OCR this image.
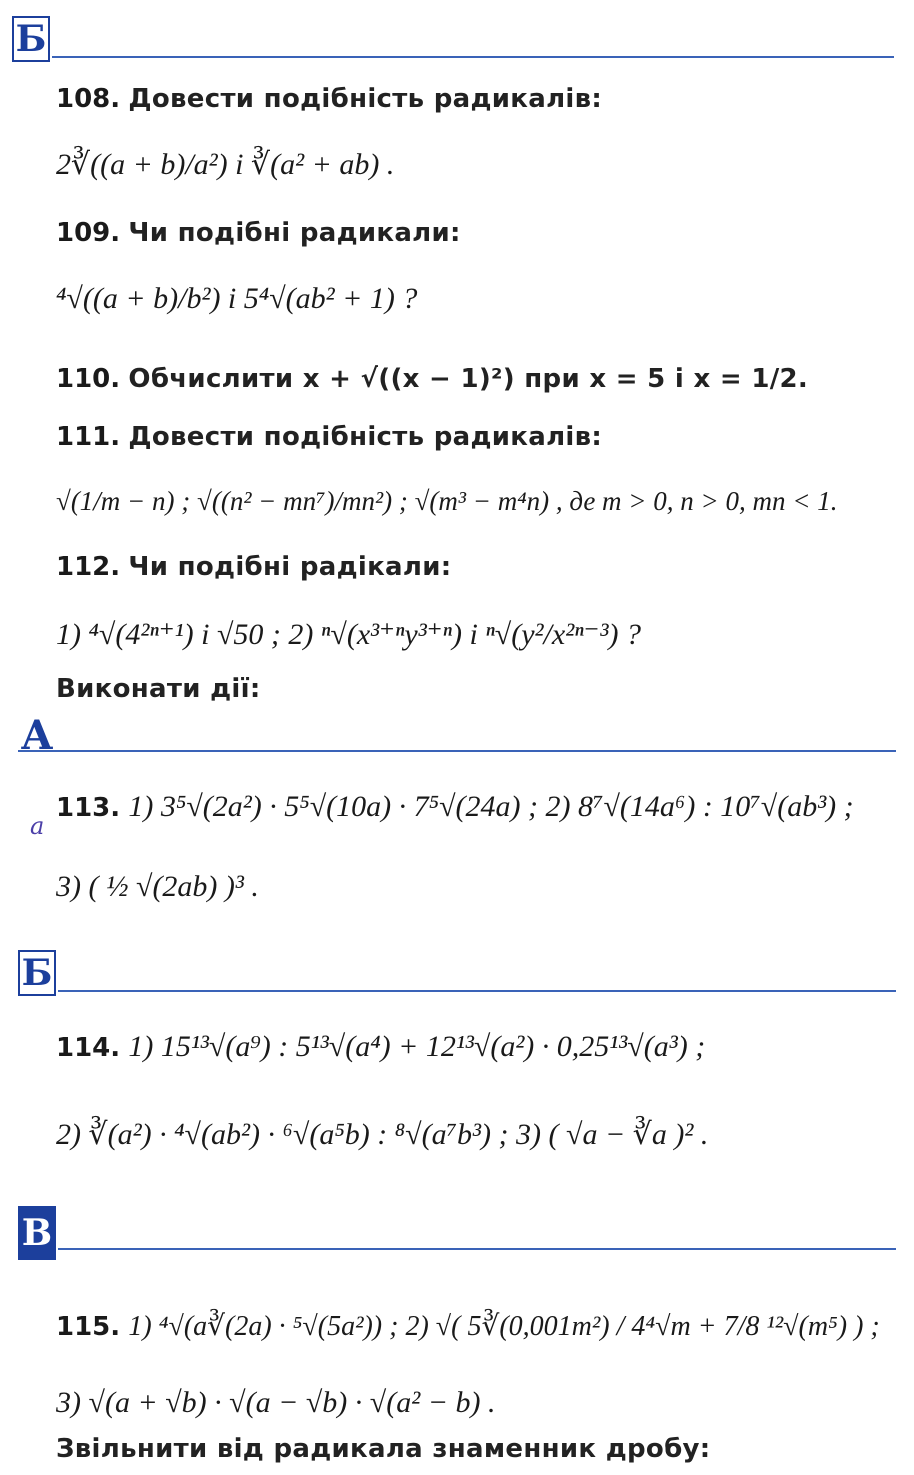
Б
108. Довести подібність радикалів:
2∛((a + b)/a²) і ∛(a² + ab) .
109. Чи подібні радикали:
⁴√((a + b)/b²) і 5⁴√(ab² + 1) ?
110. Обчислити x + √((x − 1)²) при x = 5 і x = 1/2.
111. Довести подібність радикалів:
√(1/m − n) ; √((n² − mn⁷)/mn²) ; √(m³ − m⁴n) , де m > 0, n > 0, mn < 1.
112. Чи подібні радікали:
1) ⁴√(4²ⁿ⁺¹) і √50 ; 2) ⁿ√(x³⁺ⁿy³⁺ⁿ) і ⁿ√(y²/x²ⁿ⁻³) ?
Виконати дії:
А
a
113. 1) 3⁵√(2a²) · 5⁵√(10a) · 7⁵√(24a) ; 2) 8⁷√(14a⁶) : 10⁷√(ab³) ;
3) ( ½ √(2ab) )³ .
Б
114. 1) 15¹³√(a⁹) : 5¹³√(a⁴) + 12¹³√(a²) · 0,25¹³√(a³) ;
2) ∛(a²) · ⁴√(ab²) · ⁶√(a⁵b) : ⁸√(a⁷b³) ; 3) ( √a − ∛a )² .
В
115. 1) ⁴√(a∛(2a) · ⁵√(5a²)) ; 2) √( 5∛(0,001m²) / 4⁴√m + 7/8 ¹²√(m⁵) ) ;
3) √(a + √b) · √(a − √b) · √(a² − b) .
Звільнити від радикала знаменник дробу:
